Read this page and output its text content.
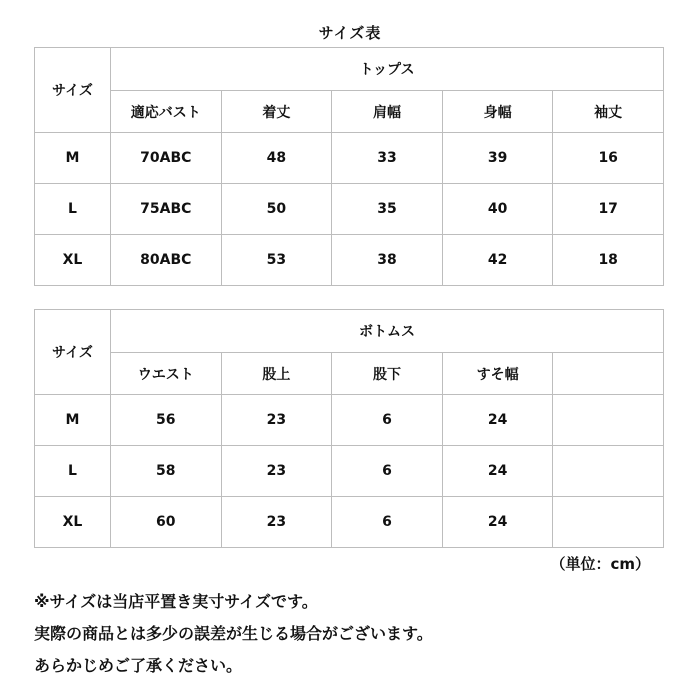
サイズ表
サイズ	トップス				
	適応バスト	着丈	肩幅	身幅	袖丈
M	70ABC	48	33	39	16
L	75ABC	50	35	40	17
XL	80ABC	53	38	42	18
サイズ	ボトムス				
	ウエスト	股上	股下	すそ幅	
M	56	23	6	24	
L	58	23	6	24	
XL	60	23	6	24	
（単位：cm）
※サイズは当店平置き実寸サイズです。
実際の商品とは多少の誤差が生じる場合がございます。
あらかじめご了承ください。
